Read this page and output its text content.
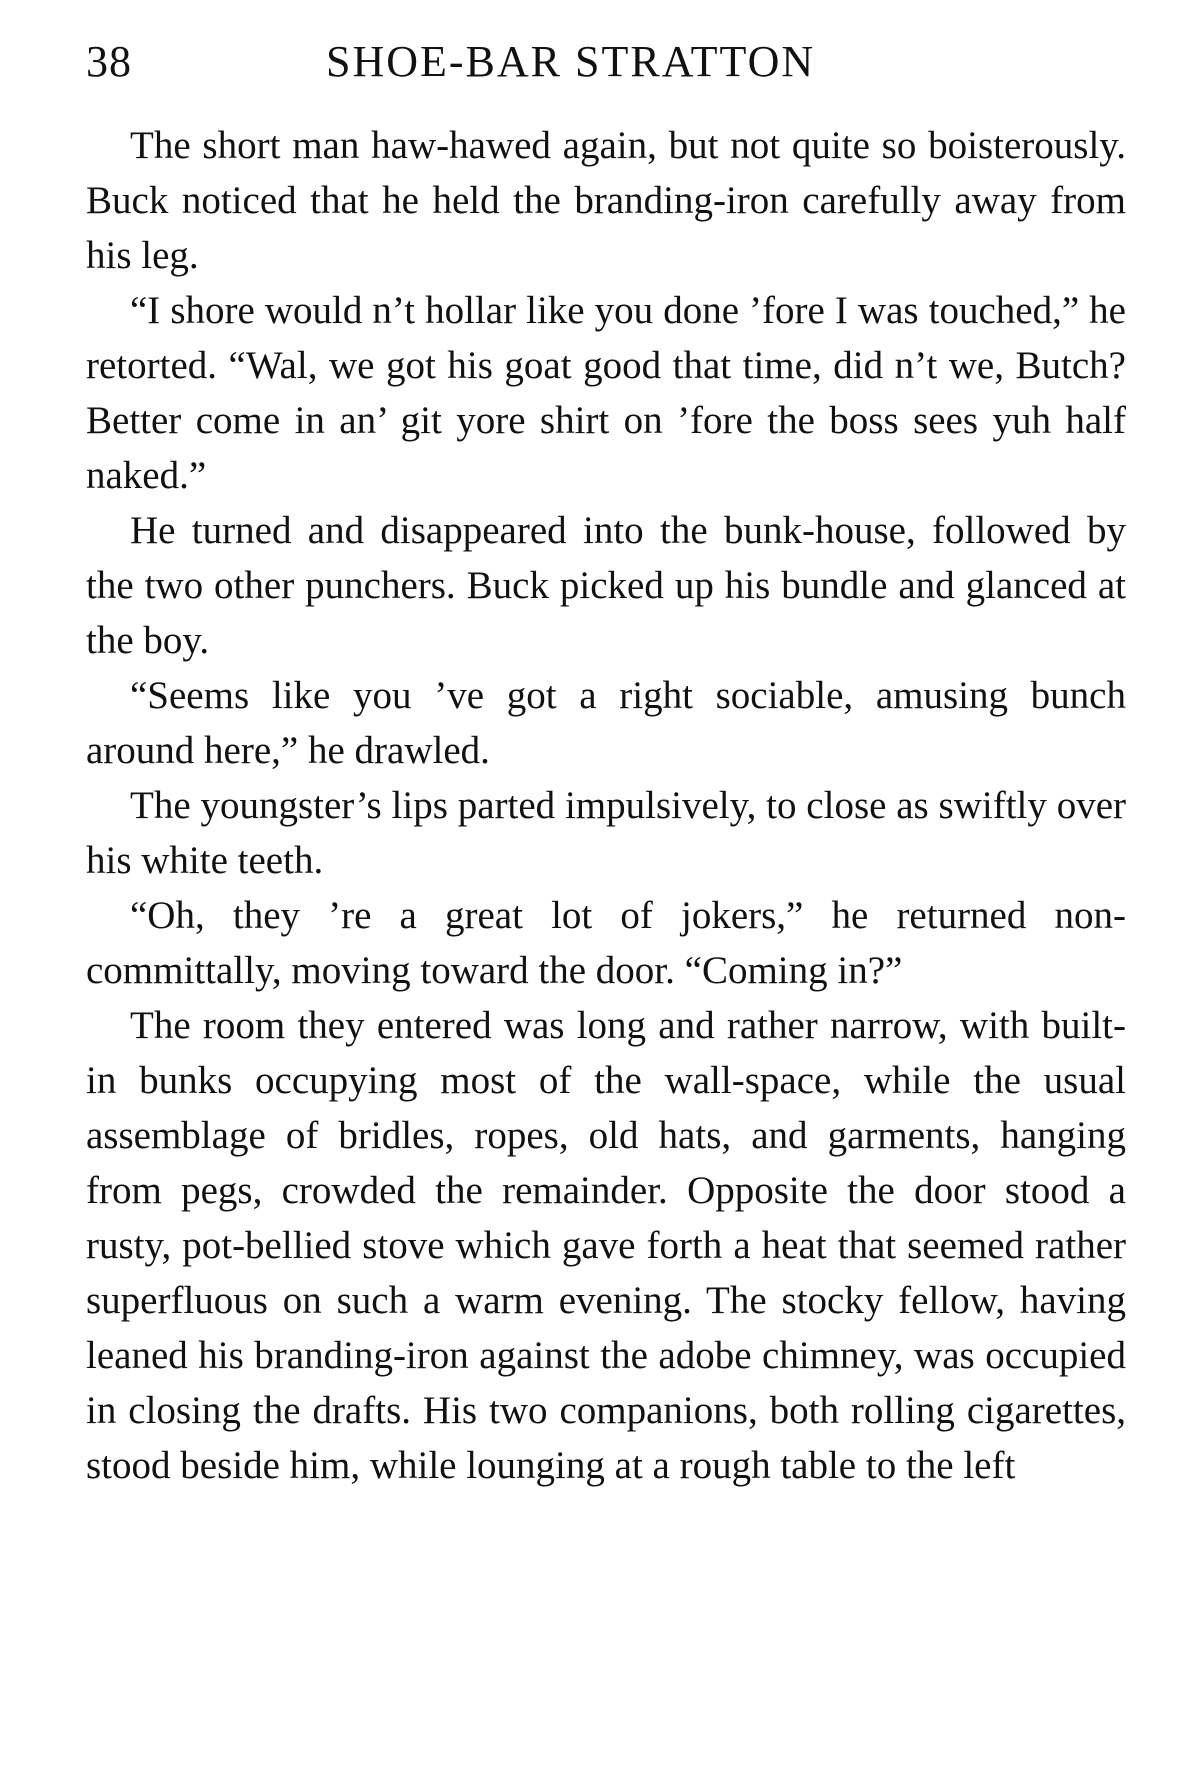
38	SHOE-BAR STRATTON

The short man haw-hawed again, but not quite so boisterously. Buck noticed that he held the branding-iron carefully away from his leg.

“I shore would n’t hollar like you done ’fore I was touched,” he retorted. “Wal, we got his goat good that time, did n’t we, Butch? Better come in an’ git yore shirt on ’fore the boss sees yuh half naked.”

He turned and disappeared into the bunk-house, followed by the two other punchers. Buck picked up his bundle and glanced at the boy.

“Seems like you ’ve got a right sociable, amusing bunch around here,” he drawled.

The youngster’s lips parted impulsively, to close as swiftly over his white teeth.

“Oh, they ’re a great lot of jokers,” he returned non-committally, moving toward the door. “Coming in?”

The room they entered was long and rather narrow, with built-in bunks occupying most of the wall-space, while the usual assemblage of bridles, ropes, old hats, and garments, hanging from pegs, crowded the remainder. Opposite the door stood a rusty, pot-bellied stove which gave forth a heat that seemed rather superfluous on such a warm evening. The stocky fellow, having leaned his branding-iron against the adobe chimney, was occupied in closing the drafts. His two companions, both rolling cigarettes, stood beside him, while lounging at a rough table to the left
